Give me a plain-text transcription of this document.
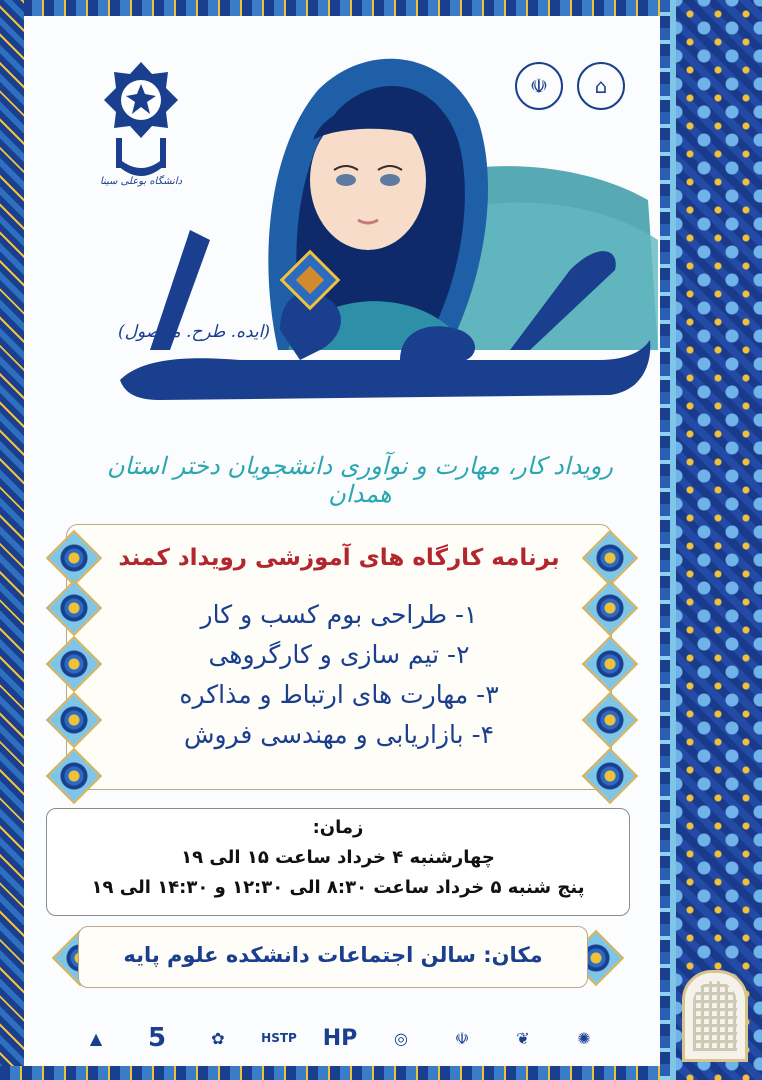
دانشگاه بوعلی سینا
☫	⌂
(ایده. طرح. محصول)
رویداد کار، مهارت و نوآوری دانشجویان دختر استان همدان
برنامه کارگاه های آموزشی رویداد کمند
۱- طراحی بوم کسب و کار
۲- تیم سازی و کارگروهی
۳- مهارت های ارتباط و مذاکره
۴- بازاریابی و مهندسی فروش
زمان:
چهارشنبه ۴ خرداد ساعت ۱۵ الی ۱۹
پنج شنبه ۵ خرداد ساعت ۸:۳۰ الی ۱۲:۳۰ و ۱۴:۳۰ الی ۱۹
مکان: سالن اجتماعات دانشکده علوم پایه
▲	5	✿	HSTP HP	◎	☫	❦	✺
